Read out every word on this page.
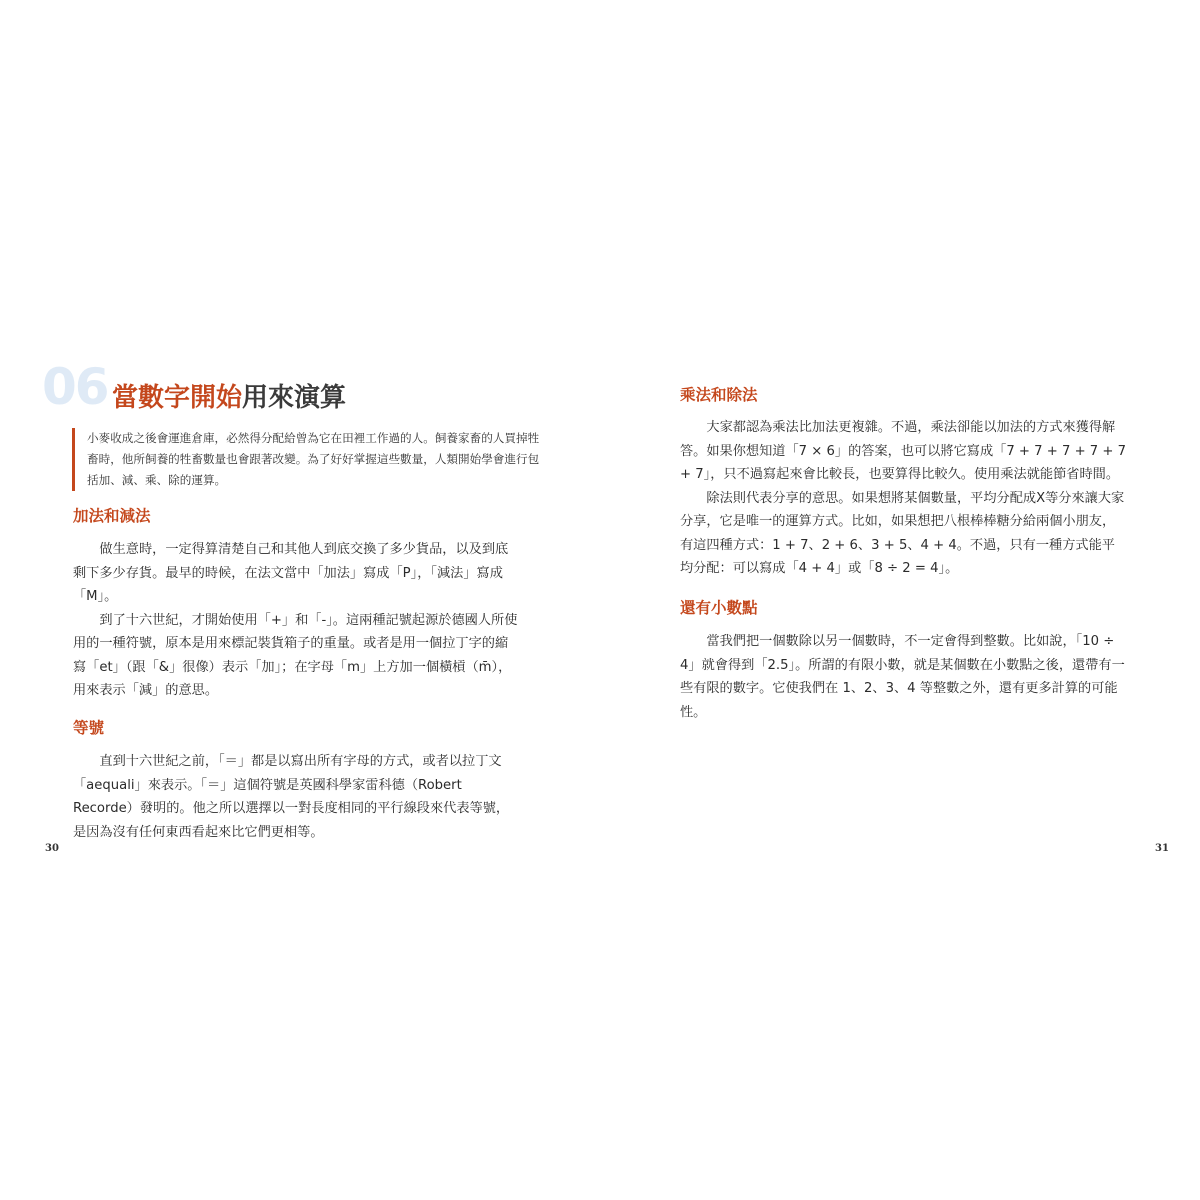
06 當數字開始用來演算
小麥收成之後會運進倉庫，必然得分配給曾為它在田裡工作過的人。飼養家畜的人買掉牲畜時，他所飼養的牲畜數量也會跟著改變。為了好好掌握這些數量，人類開始學會進行包括加、減、乘、除的運算。
加法和減法

做生意時，一定得算清楚自己和其他人到底交換了多少貨品，以及到底剩下多少存貨。最早的時候，在法文當中「加法」寫成「P」，「減法」寫成「M」。

到了十六世紀，才開始使用「+」和「-」。這兩種記號起源於德國人所使用的一種符號，原本是用來標記裝貨箱子的重量。或者是用一個拉丁字的縮寫「et」（跟「&」很像）表示「加」；在字母「m」上方加一個橫槓（m̄），用來表示「減」的意思。

等號

直到十六世紀之前，「＝」都是以寫出所有字母的方式，或者以拉丁文「aequali」來表示。「＝」這個符號是英國科學家雷科德（Robert Recorde）發明的。他之所以選擇以一對長度相同的平行線段來代表等號，是因為沒有任何東西看起來比它們更相等。

30
乘法和除法

大家都認為乘法比加法更複雜。不過，乘法卻能以加法的方式來獲得解答。如果你想知道「7 × 6」的答案，也可以將它寫成「7 + 7 + 7 + 7 + 7 + 7」，只不過寫起來會比較長，也要算得比較久。使用乘法就能節省時間。

除法則代表分享的意思。如果想將某個數量，平均分配成X等分來讓大家分享，它是唯一的運算方式。比如，如果想把八根棒棒糖分給兩個小朋友，有這四種方式：1 + 7、2 + 6、3 + 5、4 + 4。不過，只有一種方式能平均分配：可以寫成「4 + 4」或「8 ÷ 2 = 4」。

還有小數點

當我們把一個數除以另一個數時，不一定會得到整數。比如說，「10 ÷ 4」就會得到「2.5」。所謂的有限小數，就是某個數在小數點之後，還帶有一些有限的數字。它使我們在 1、2、3、4 等整數之外，還有更多計算的可能性。

31
